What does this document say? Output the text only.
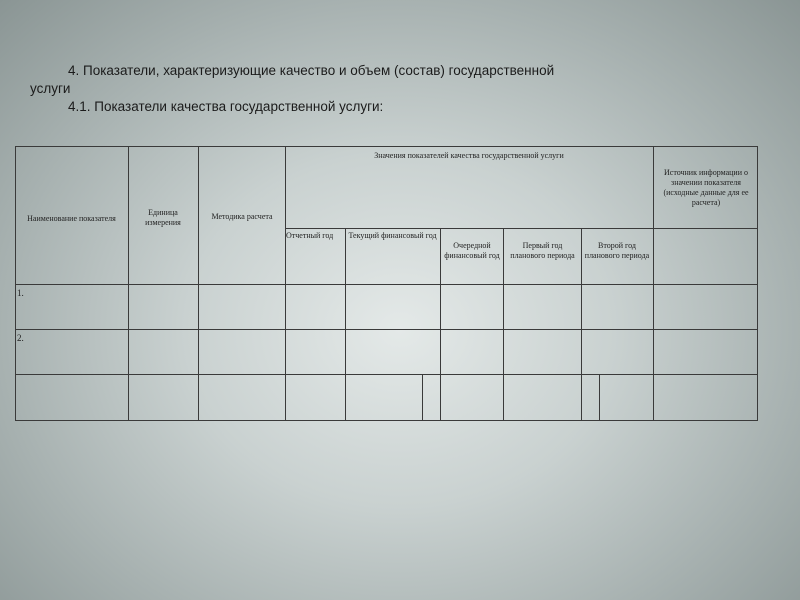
4. Показатели, характеризующие качество и объем (состав) государственной
услуги
4.1. Показатели качества государственной услуги:
Наименование показателя
Единица измерения
Методика расчета
Значения показателей качества государственной услуги
Источник информации о значении показателя (исходные данные для ее расчета)
Отчетный год	Текущий финансовый год
Очередной финансовый год
Первый год планового периода
Второй год планового периода
1.
2.
